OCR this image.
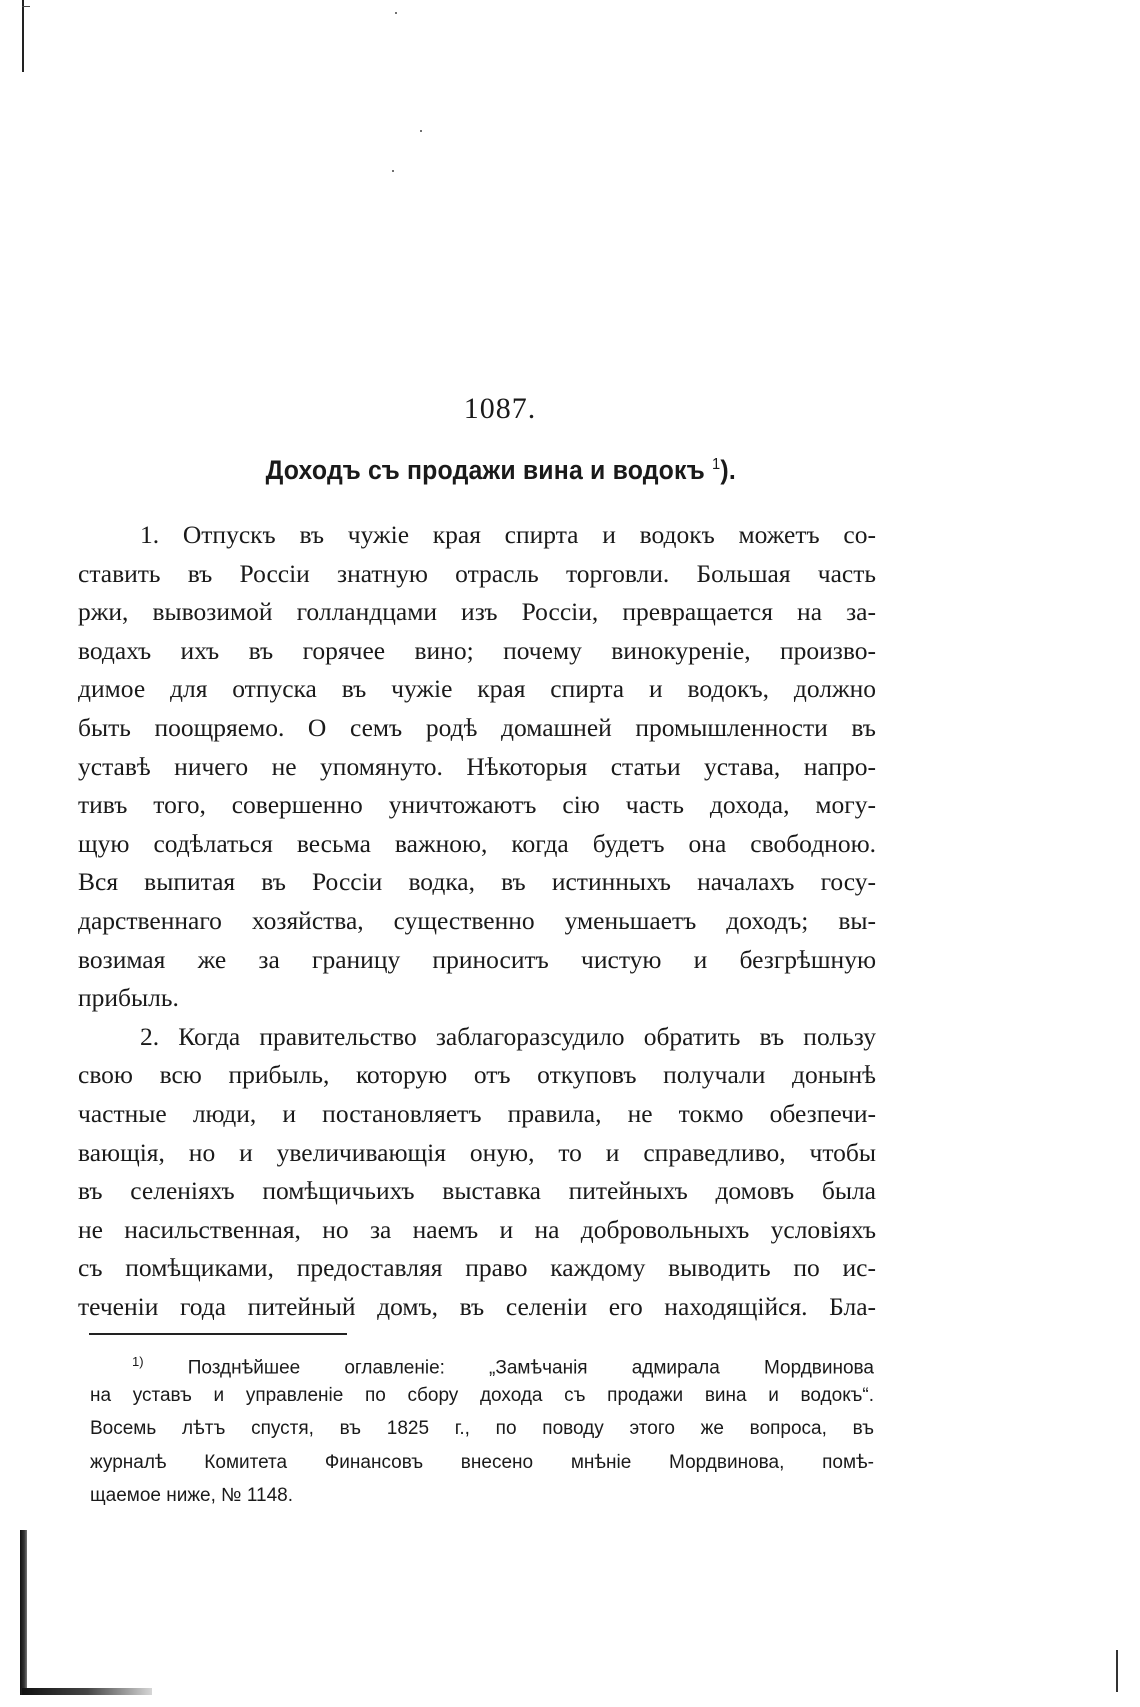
1087.
Доходъ съ продажи вина и водокъ $^1$).
1. Отпускъ въ чужіе края спирта и водокъ можетъ со-
ставить въ Россіи знатную отрасль торговли. Большая часть
ржи, вывозимой голландцами изъ Россіи, превращается на за-
водахъ ихъ въ горячее вино; почему винокуреніе, произво-
димое для отпуска въ чужіе края спирта и водокъ, должно
быть поощряемо. О семъ родѣ домашней промышленности въ
уставѣ ничего не упомянуто. Нѣкоторыя статьи устава, напро-
тивъ того, совершенно уничтожаютъ сію часть дохода, могу-
щую содѣлаться весьма важною, когда будетъ она свободною.
Вся выпитая въ Россіи водка, въ истинныхъ началахъ госу-
дарственнаго хозяйства, существенно уменьшаетъ доходъ; вы-
возимая же за границу приноситъ чистую и безгрѣшную
прибыль.
2. Когда правительство заблагоразсудило обратить въ пользу
свою всю прибыль, которую отъ откуповъ получали донынѣ
частные люди, и постановляетъ правила, не токмо обезпечи-
вающія, но и увеличивающія оную, то и справедливо, чтобы
въ селеніяхъ помѣщичьихъ выставка питейныхъ домовъ была
не насильственная, но за наемъ и на добровольныхъ условіяхъ
съ помѣщиками, предоставляя право каждому выводить по ис-
теченіи года питейный домъ, въ селеніи его находящійся. Бла-
$^{1)}$ Позднѣйшее оглавленіе: „Замѣчанія адмирала Мордвинова
на уставъ и управленіе по сбору дохода съ продажи вина и водокъ“.
Восемь лѣтъ спустя, въ 1825 г., по поводу этого же вопроса, въ
журналѣ Комитета Финансовъ внесено мнѣніе Мордвинова, помѣ-
щаемое ниже, № 1148.
